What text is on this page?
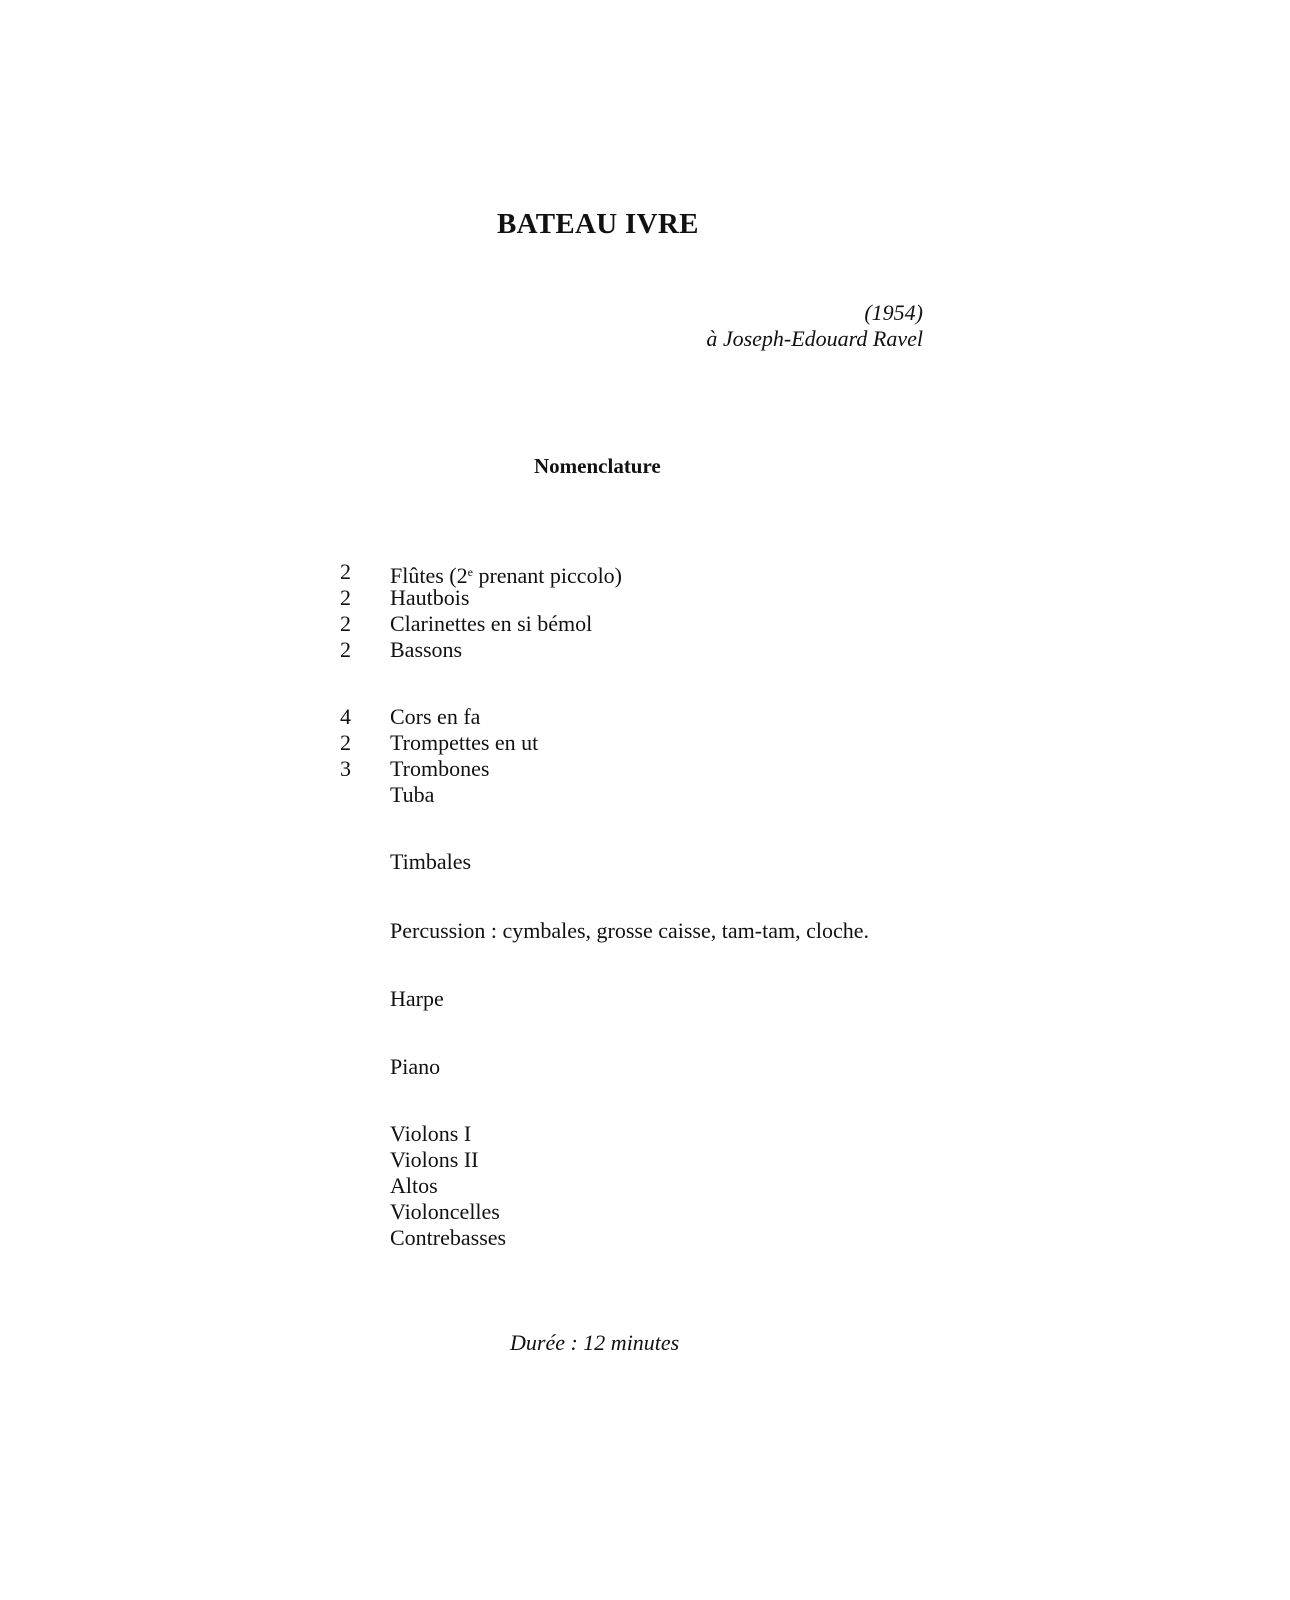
BATEAU IVRE
(1954)
à Joseph-Edouard Ravel
Nomenclature
2	Flûtes (2e prenant piccolo)
2	Hautbois
2	Clarinettes en si bémol
2	Bassons
4	Cors en fa
2	Trompettes en ut
3	Trombones
Tuba
Timbales
Percussion : cymbales, grosse caisse, tam-tam, cloche.
Harpe
Piano
Violons I
Violons II
Altos
Violoncelles
Contrebasses
Durée : 12 minutes
